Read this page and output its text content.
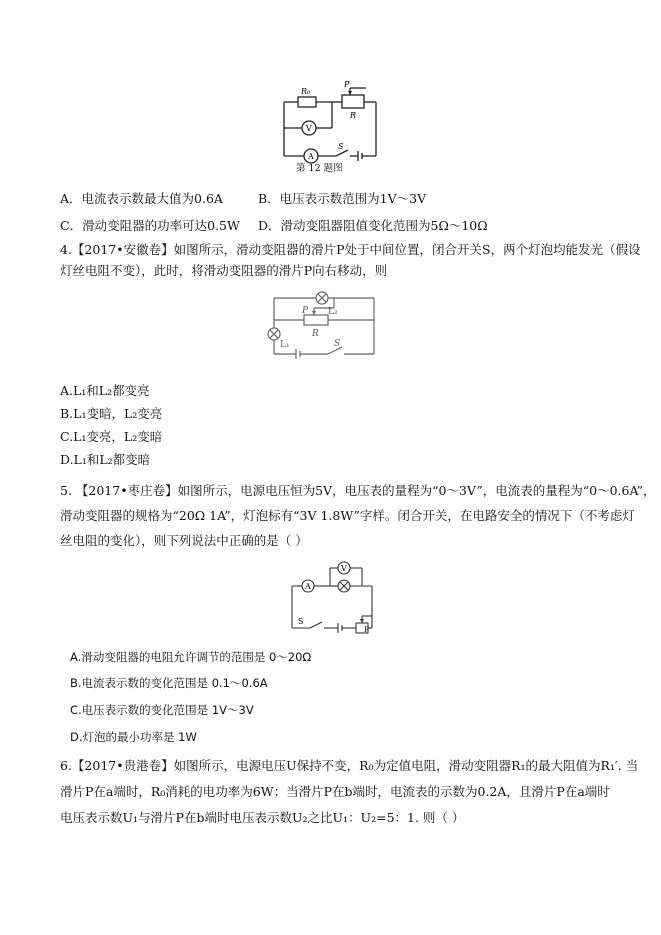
R₀
P
R
V
A
S
第 12 题图
A．电流表示数最大值为0.6A	B．电压表示数范围为1V～3V
C．滑动变阻器的功率可达0.5W D．滑动变阻器阻值变化范围为5Ω～10Ω
4.【2017•安徽卷】如图所示，滑动变阻器的滑片P处于中间位置，闭合开关S，两个灯泡均能发光（假设
灯丝电阻不变），此时，将滑动变阻器的滑片P向右移动，则
L₂
L₁
P
R
S
A.L₁和L₂都变亮
B.L₁变暗，L₂变亮
C.L₁变亮，L₂变暗
D.L₁和L₂都变暗
5. 【2017•枣庄卷】如图所示，电源电压恒为5V，电压表的量程为“0～3V”，电流表的量程为“0～0.6A”，
滑动变阻器的规格为“20Ω 1A”，灯泡标有“3V 1.8W”字样。闭合开关，在电路安全的情况下（不考虑灯
丝电阻的变化），则下列说法中正确的是（ ）
A
V
S
P
A.滑动变阻器的电阻允许调节的范围是 0～20Ω
B.电流表示数的变化范围是 0.1～0.6A
C.电压表示数的变化范围是 1V～3V
D.灯泡的最小功率是 1W
6.【2017•贵港卷】如图所示，电源电压U保持不变，R₀为定值电阻，滑动变阻器R₁的最大阻值为R₁′. 当
滑片P在a端时，R₀消耗的电功率为6W；当滑片P在b端时，电流表的示数为0.2A，且滑片P在a端时
电压表示数U₁与滑片P在b端时电压表示数U₂之比U₁：U₂=5：1. 则（ ）
